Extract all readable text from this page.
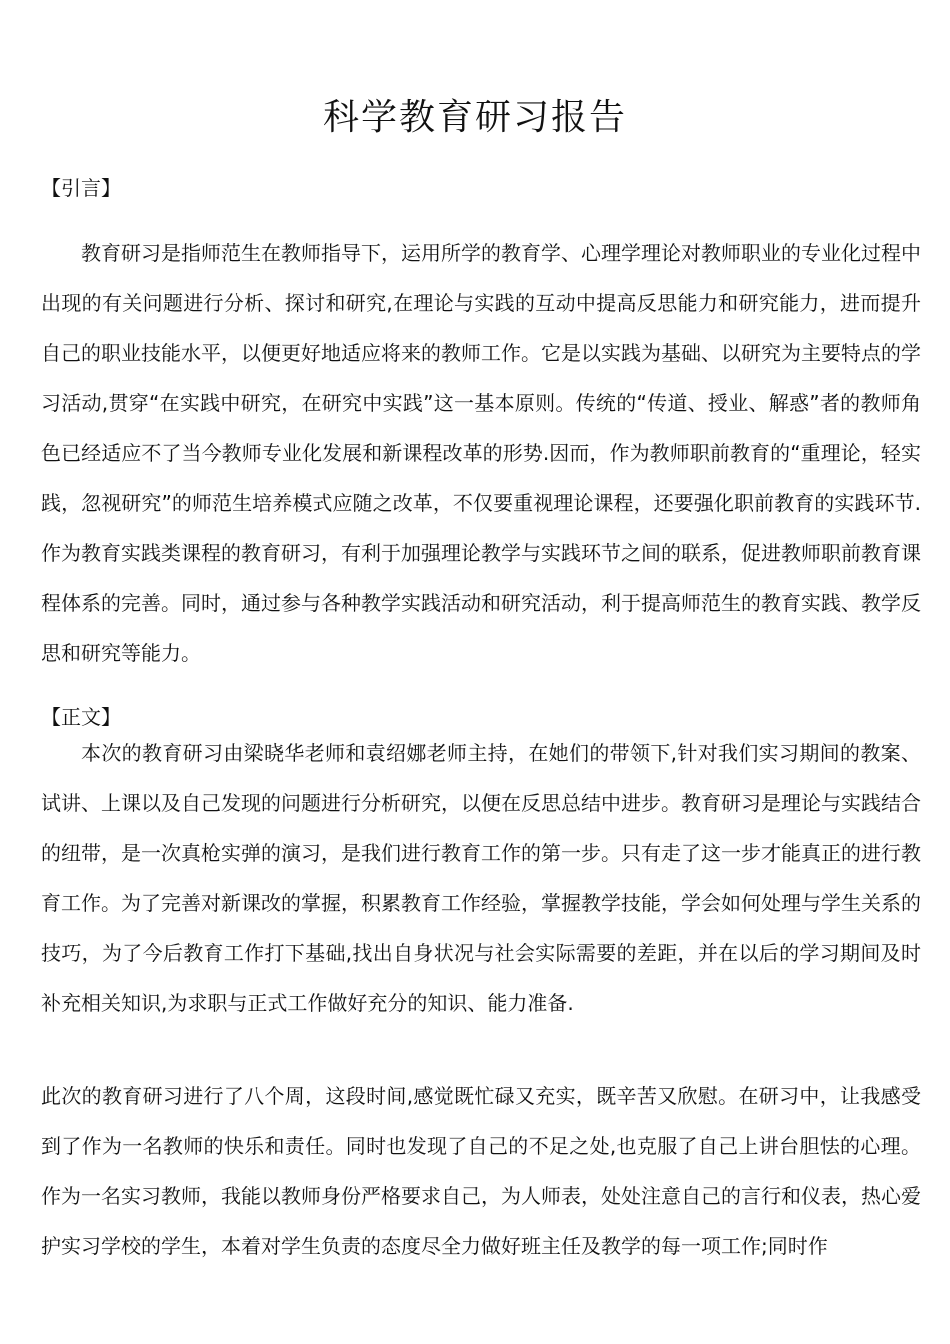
科学教育研习报告
【引言】

教育研习是指师范生在教师指导下，运用所学的教育学、心理学理论对教师职业的专业化过程中出现的有关问题进行分析、探讨和研究,在理论与实践的互动中提高反思能力和研究能力，进而提升自己的职业技能水平，以便更好地适应将来的教师工作。它是以实践为基础、以研究为主要特点的学习活动,贯穿“在实践中研究，在研究中实践”这一基本原则。传统的“传道、授业、解惑”者的教师角色已经适应不了当今教师专业化发展和新课程改革的形势.因而，作为教师职前教育的“重理论，轻实践，忽视研究”的师范生培养模式应随之改革，不仅要重视理论课程，还要强化职前教育的实践环节.作为教育实践类课程的教育研习，有利于加强理论教学与实践环节之间的联系，促进教师职前教育课程体系的完善。同时，通过参与各种教学实践活动和研究活动，利于提高师范生的教育实践、教学反思和研究等能力。

【正文】

本次的教育研习由梁晓华老师和袁绍娜老师主持，在她们的带领下,针对我们实习期间的教案、试讲、上课以及自己发现的问题进行分析研究，以便在反思总结中进步。教育研习是理论与实践结合的纽带，是一次真枪实弹的演习，是我们进行教育工作的第一步。只有走了这一步才能真正的进行教育工作。为了完善对新课改的掌握，积累教育工作经验，掌握教学技能，学会如何处理与学生关系的技巧，为了今后教育工作打下基础,找出自身状况与社会实际需要的差距，并在以后的学习期间及时补充相关知识,为求职与正式工作做好充分的知识、能力准备.

此次的教育研习进行了八个周，这段时间,感觉既忙碌又充实，既辛苦又欣慰。在研习中，让我感受到了作为一名教师的快乐和责任。同时也发现了自己的不足之处,也克服了自己上讲台胆怯的心理。作为一名实习教师，我能以教师身份严格要求自己，为人师表，处处注意自己的言行和仪表，热心爱护实习学校的学生，本着对学生负责的态度尽全力做好班主任及教学的每一项工作;同时作
